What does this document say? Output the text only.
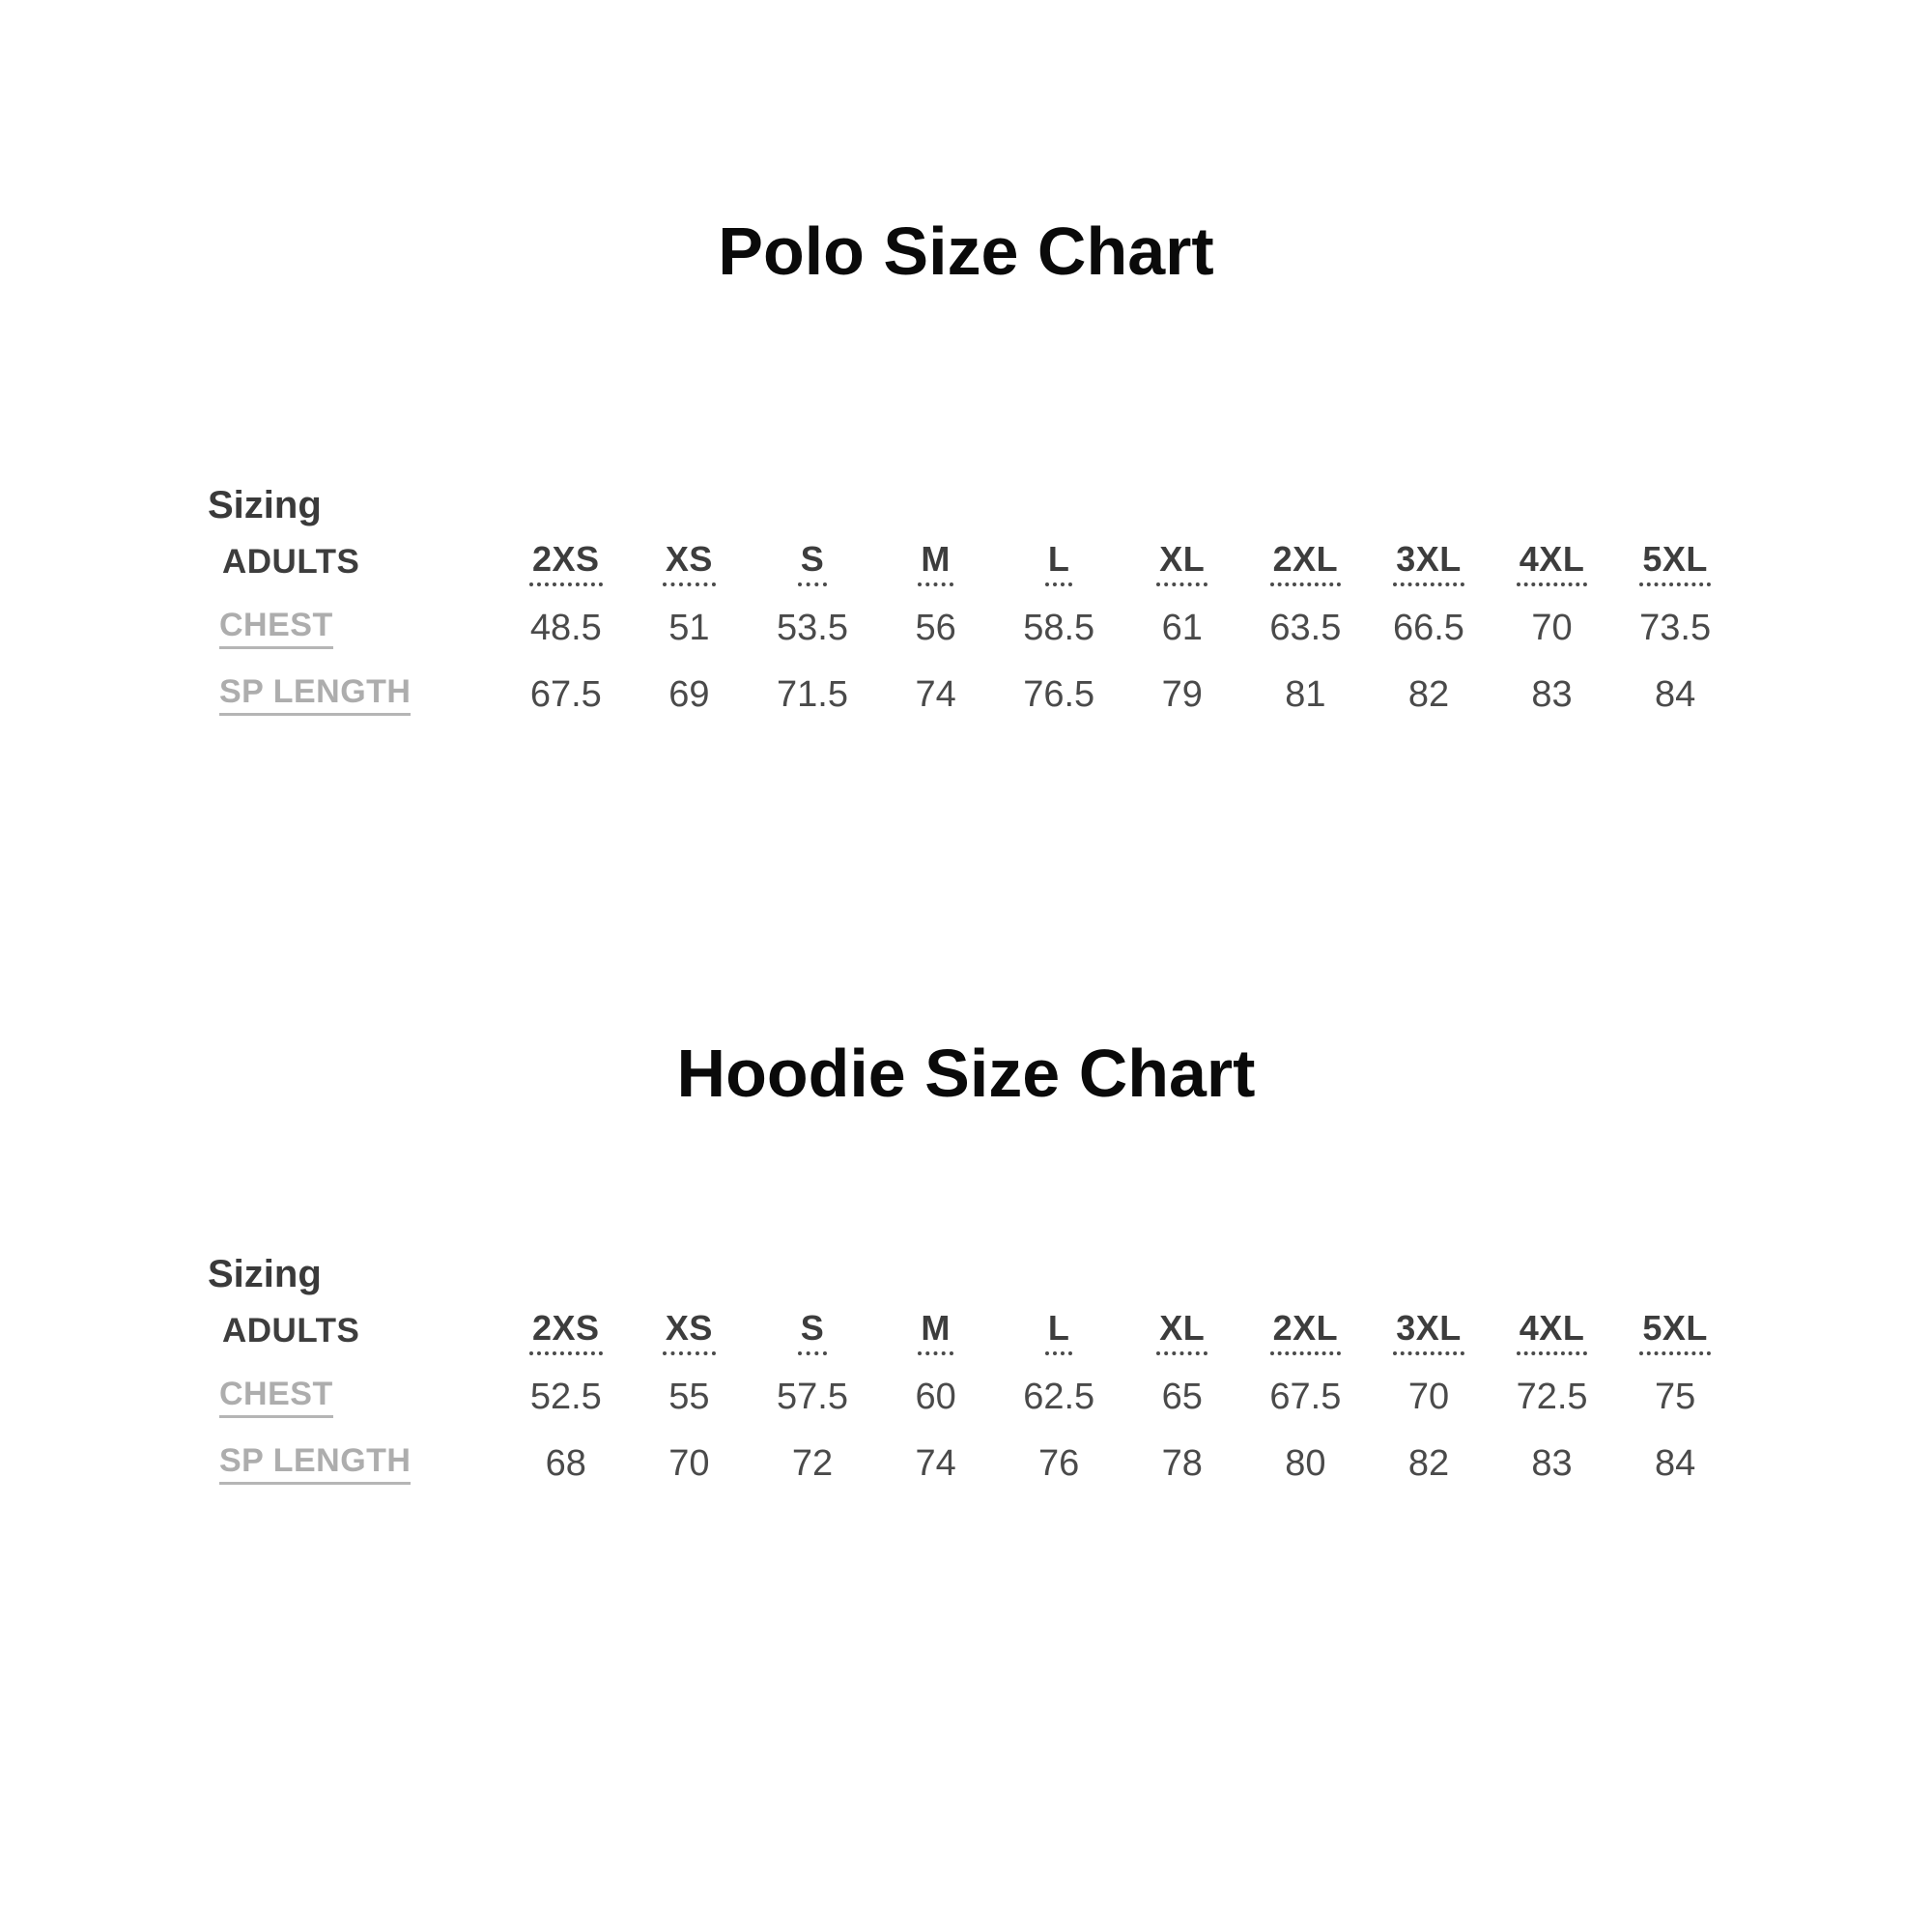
Polo Size Chart
Sizing
ADULTS	2XS	XS	S	M	L	XL	2XL	3XL	4XL	5XL
CHEST	48.5	51	53.5	56	58.5	61	63.5	66.5	70	73.5
SP LENGTH	67.5	69	71.5	74	76.5	79	81	82	83	84
Hoodie Size Chart
Sizing
ADULTS	2XS	XS	S	M	L	XL	2XL	3XL	4XL	5XL
CHEST	52.5	55	57.5	60	62.5	65	67.5	70	72.5	75
SP LENGTH	68	70	72	74	76	78	80	82	83	84
